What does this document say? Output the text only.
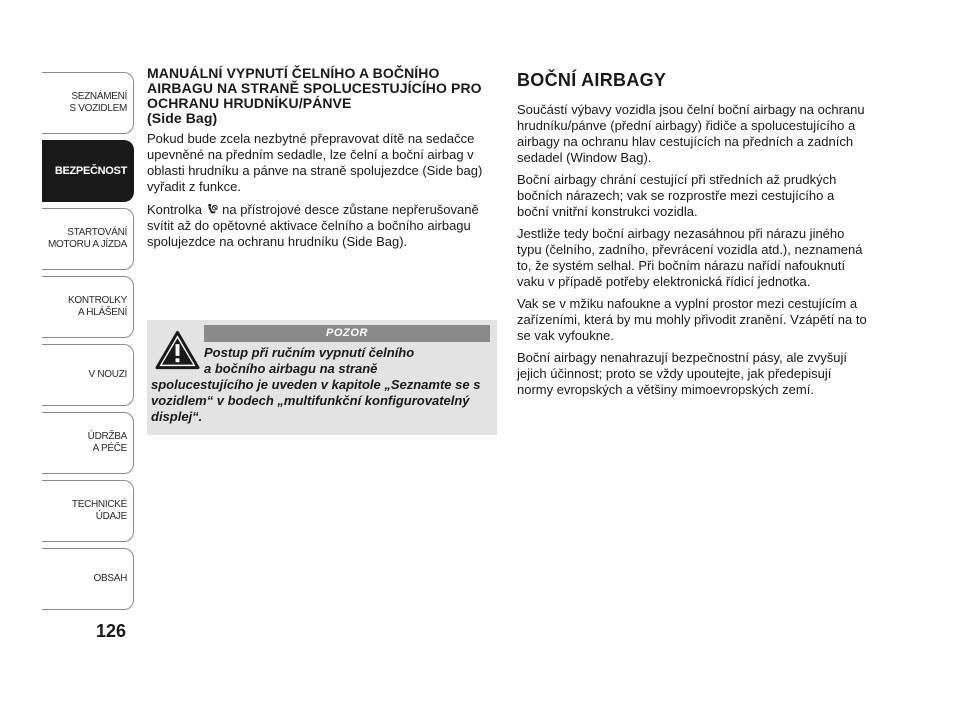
SEZNÁMENÍ
S VOZIDLEM
BEZPEČNOST
STARTOVÁNÍ
MOTORU A JÍZDA
KONTROLKY
A HLÁŠENÍ
V NOUZI
ÚDRŽBA
A PÉČE
TECHNICKÉ
ÚDAJE
OBSAH
126
MANUÁLNÍ VYPNUTÍ ČELNÍHO A BOČNÍHO AIRBAGU NA STRANĚ SPOLUCESTUJÍCÍHO PRO OCHRANU HRUDNÍKU/PÁNVE
(Side Bag)

Pokud bude zcela nezbytné přepravovat dítě na sedačce upevněné na předním sedadle, lze čelní a boční airbag v oblasti hrudníku a pánve na straně spolujezdce (Side bag) vyřadit z funkce.

Kontrolka na přístrojové desce zůstane nepřerušovaně svítit až do opětovné aktivace čelního a bočního airbagu spolujezdce na ochranu hrudníku (Side Bag).

POZOR
Postup při ručním vypnutí čelního
a bočního airbagu na straně
spolucestujícího je uveden v kapitole „Seznamte se s vozidlem“ v bodech „multifunkční konfigurovatelný displej“.
BOČNÍ AIRBAGY

Součástí výbavy vozidla jsou čelní boční airbagy na ochranu hrudníku/pánve (přední airbagy) řidiče a spolucestujícího a airbagy na ochranu hlav cestujících na předních a zadních sedadel (Window Bag).

Boční airbagy chrání cestující při středních až prudkých bočních nárazech; vak se rozprostře mezi cestujícího a boční vnitřní konstrukci vozidla.

Jestliže tedy boční airbagy nezasáhnou při nárazu jiného typu (čelního, zadního, převrácení vozidla atd.), neznamená to, že systém selhal. Při bočním nárazu nařídí nafouknutí vaku v případě potřeby elektronická řídicí jednotka.

Vak se v mžiku nafoukne a vyplní prostor mezi cestujícím a zařízeními, která by mu mohly přivodit zranění. Vzápětí na to se vak vyfoukne.

Boční airbagy nenahrazují bezpečnostní pásy, ale zvyšují jejich účinnost; proto se vždy upoutejte, jak předepisují normy evropských a většiny mimoevropských zemí.
